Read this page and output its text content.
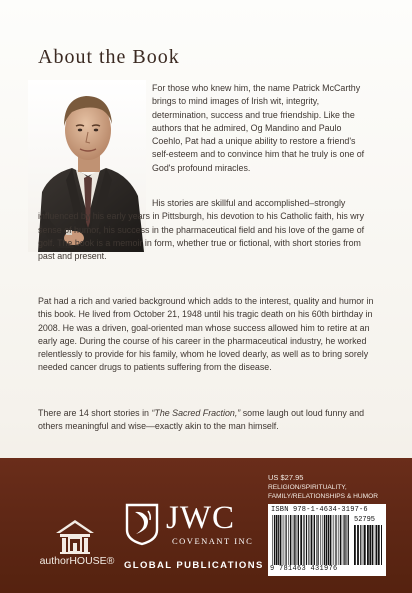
About the Book

For those who knew him, the name Patrick McCarthy brings to mind images of Irish wit, integrity, determination, success and true friendship. Like the authors that he admired, Og Mandino and Paulo Coehlo, Pat had a unique ability to restore a friend's self-esteem and to convince him that he truly is one of God's profound miracles.

His stories are skillful and accomplished–strongly influenced by his early years in Pittsburgh, his devotion to his Catholic faith, his wry sense of humor, his success in the pharmaceutical field and his love of the game of golf. The book is a memoir in form, whether true or fictional, with short stories from past and present.

Pat had a rich and varied background which adds to the interest, quality and humor in this book. He lived from October 21, 1948 until his tragic death on his 60th birthday in 2008. He was a driven, goal-oriented man whose success allowed him to retire at an early age. During the course of his career in the pharmaceutical industry, he worked relentlessly to provide for his family, whom he loved dearly, as well as to bring sorely needed cancer drugs to patients suffering from the disease.

There are 14 short stories in “The Sacred Fraction,” some laugh out loud funny and others meaningful and wise—exactly akin to the man himself.

authorHOUSE®
JWC
COVENANT INC
GLOBAL PUBLICATIONS
US $27.95
RELIGION/SPIRITUALITY,
FAMILY/RELATIONSHIPS & HUMOR
ISBN 978-1-4634-3197-6
52795
9 781463 431976
